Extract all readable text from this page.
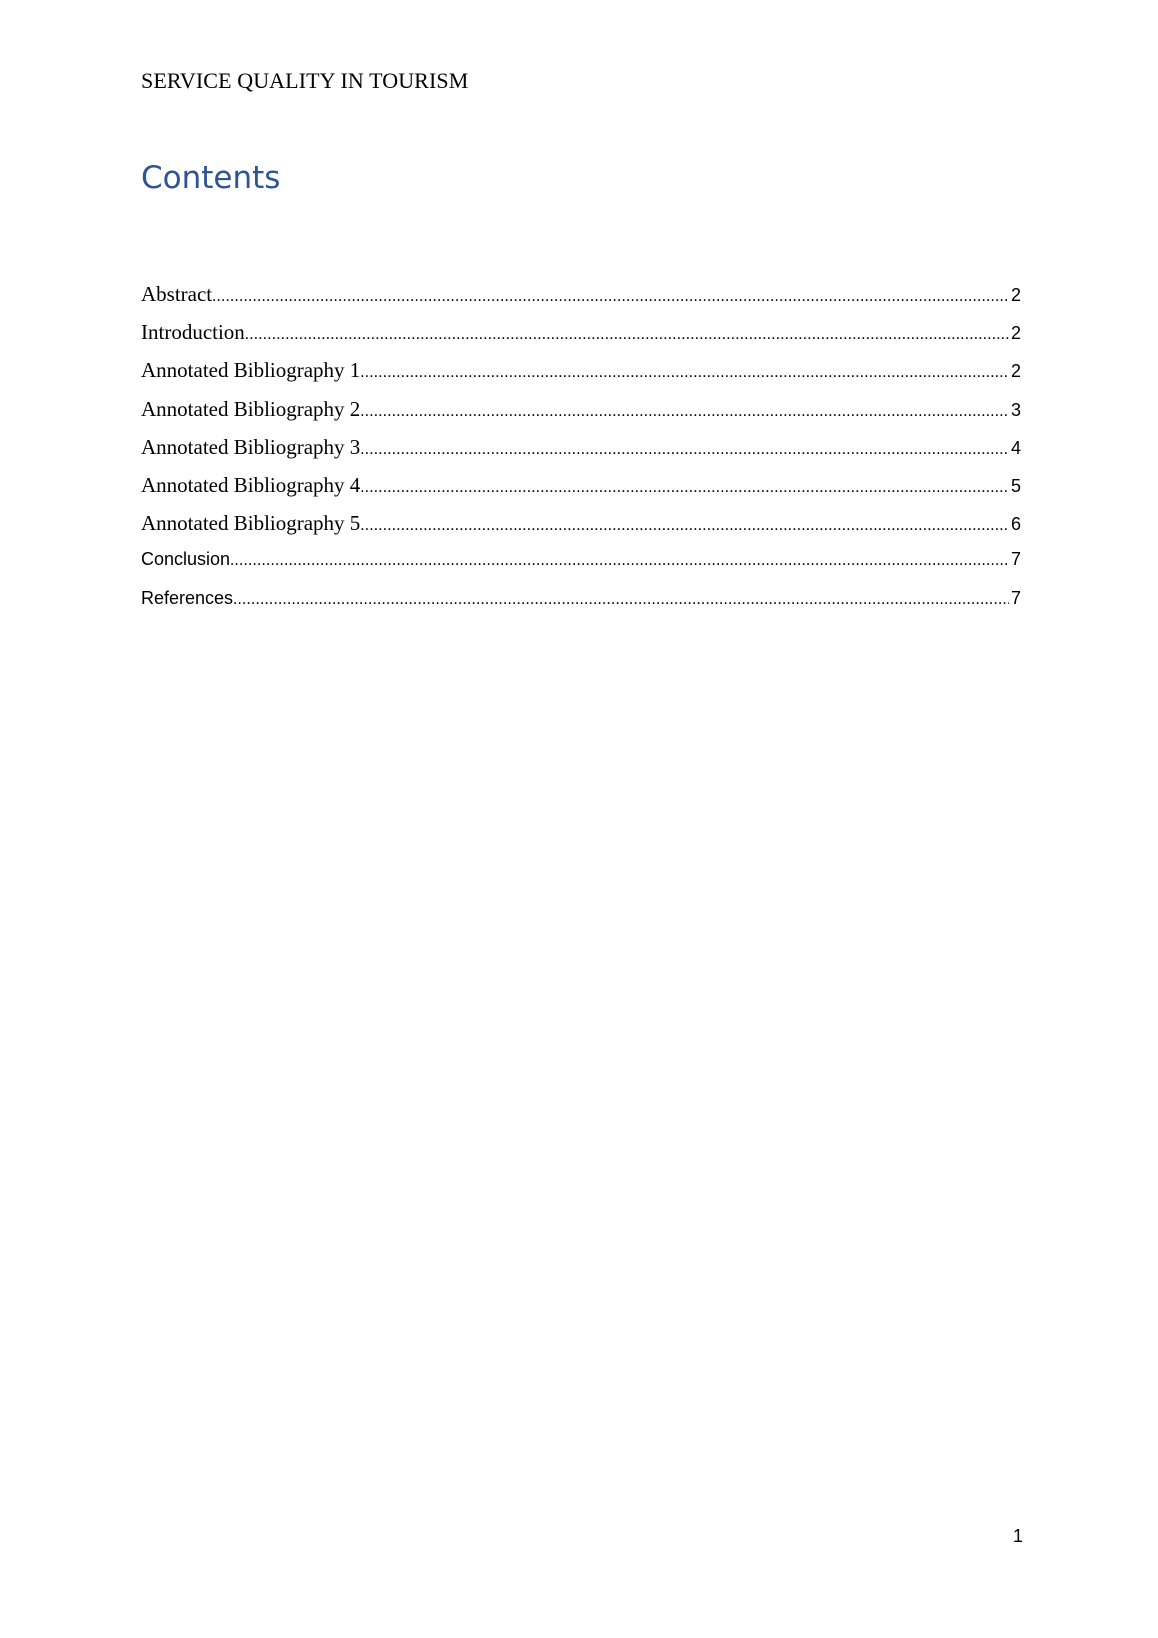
SERVICE QUALITY IN TOURISM
Contents
Abstract .....	2
Introduction .....	2
Annotated Bibliography 1 .....	2
Annotated Bibliography 2 .....	3
Annotated Bibliography 3 .....	4
Annotated Bibliography 4 .....	5
Annotated Bibliography 5 .....	6
Conclusion .....	7
References .....	7
1
